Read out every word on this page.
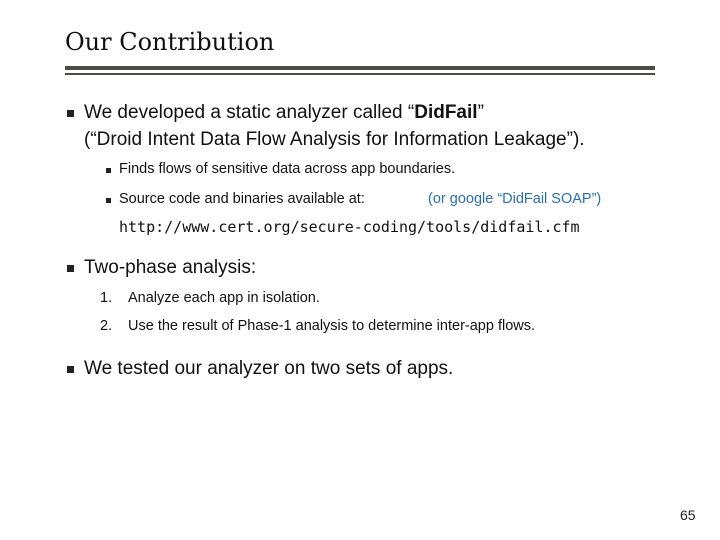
Our Contribution
We developed a static analyzer called “DidFail”
(“Droid Intent Data Flow Analysis for Information Leakage”).
Finds flows of sensitive data across app boundaries.
Source code and binaries available at:	(or google “DidFail SOAP”)
http://www.cert.org/secure-coding/tools/didfail.cfm
Two-phase analysis:
1. Analyze each app in isolation.
2. Use the result of Phase-1 analysis to determine inter-app flows.
We tested our analyzer on two sets of apps.
65
